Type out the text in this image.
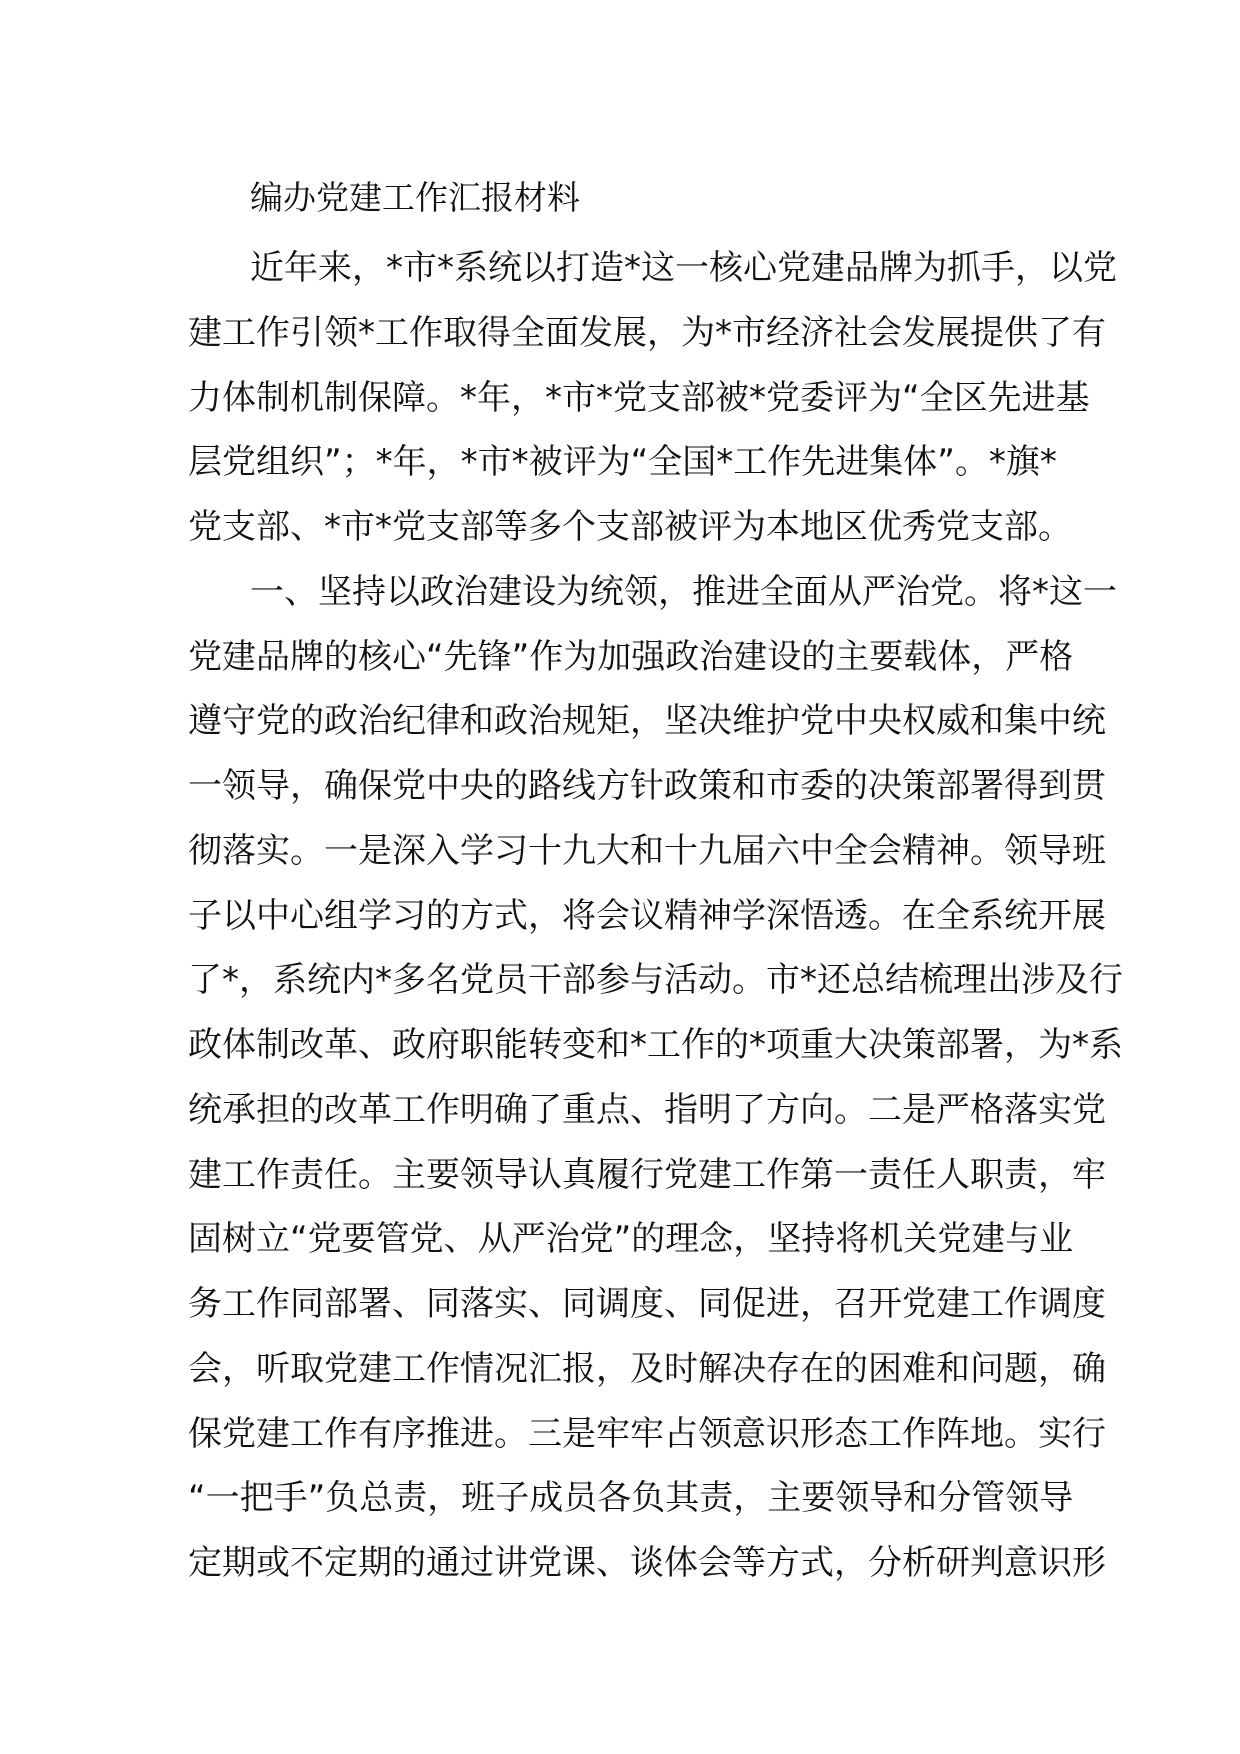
编办党建工作汇报材料
近年来，*市*系统以打造*这一核心党建品牌为抓手，以党
建工作引领*工作取得全面发展，为*市经济社会发展提供了有
力体制机制保障。*年，*市*党支部被*党委评为“全区先进基
层党组织”；*年，*市*被评为“全国*工作先进集体”。*旗*
党支部、*市*党支部等多个支部被评为本地区优秀党支部。
一、坚持以政治建设为统领，推进全面从严治党。将*这一
党建品牌的核心“先锋”作为加强政治建设的主要载体，严格
遵守党的政治纪律和政治规矩，坚决维护党中央权威和集中统
一领导，确保党中央的路线方针政策和市委的决策部署得到贯
彻落实。一是深入学习十九大和十九届六中全会精神。领导班
子以中心组学习的方式，将会议精神学深悟透。在全系统开展
了*，系统内*多名党员干部参与活动。市*还总结梳理出涉及行
政体制改革、政府职能转变和*工作的*项重大决策部署，为*系
统承担的改革工作明确了重点、指明了方向。二是严格落实党
建工作责任。主要领导认真履行党建工作第一责任人职责，牢
固树立“党要管党、从严治党”的理念，坚持将机关党建与业
务工作同部署、同落实、同调度、同促进，召开党建工作调度
会，听取党建工作情况汇报，及时解决存在的困难和问题，确
保党建工作有序推进。三是牢牢占领意识形态工作阵地。实行
“一把手”负总责，班子成员各负其责，主要领导和分管领导
定期或不定期的通过讲党课、谈体会等方式，分析研判意识形
